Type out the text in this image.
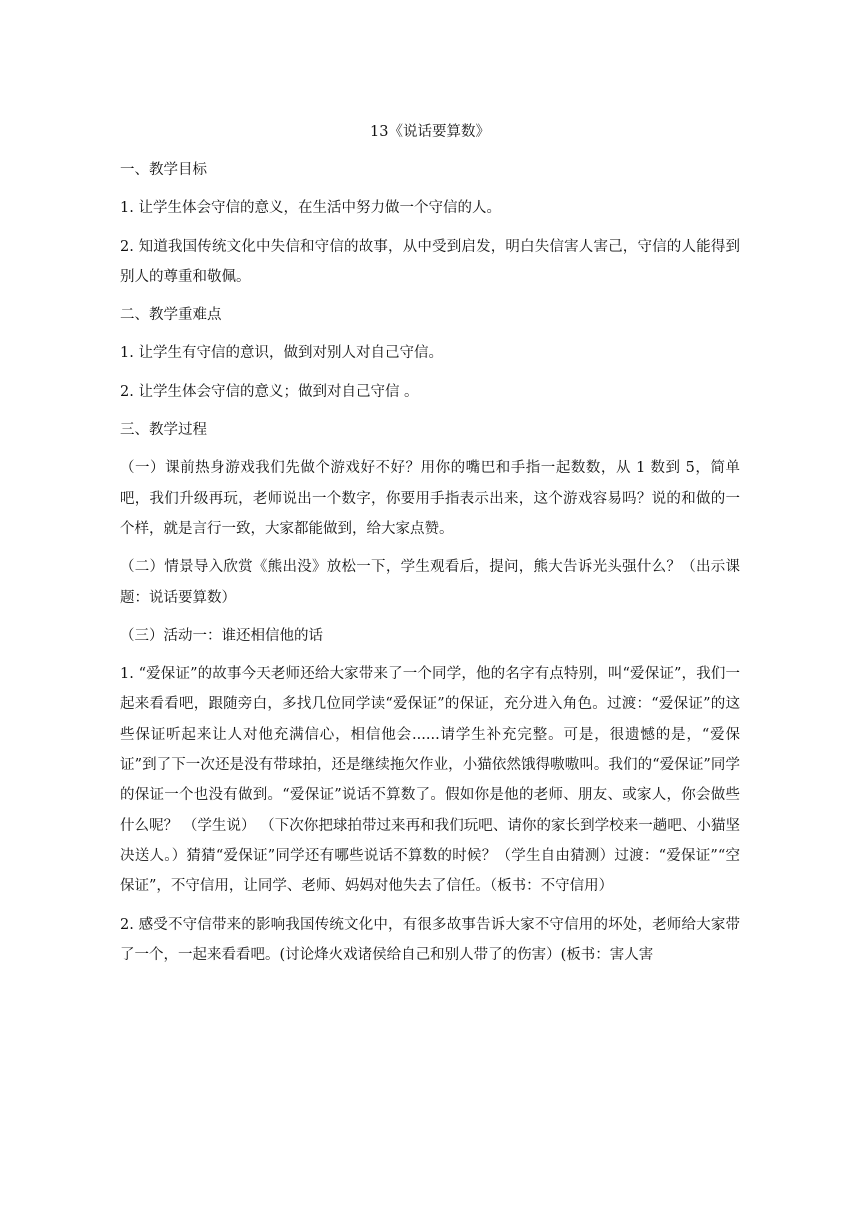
13《说话要算数》
一、教学目标
1. 让学生体会守信的意义，在生活中努力做一个守信的人。
2. 知道我国传统文化中失信和守信的故事，从中受到启发，明白失信害人害己，守信的人能得到别人的尊重和敬佩。
二、教学重难点
1. 让学生有守信的意识，做到对别人对自己守信。
2. 让学生体会守信的意义；做到对自己守信 。
三、教学过程
（一）课前热身游戏我们先做个游戏好不好？用你的嘴巴和手指一起数数，从 1 数到 5，简单吧，我们升级再玩，老师说出一个数字，你要用手指表示出来，这个游戏容易吗？说的和做的一个样，就是言行一致，大家都能做到，给大家点赞。
（二）情景导入欣赏《熊出没》放松一下，学生观看后，提问，熊大告诉光头强什么？（出示课题：说话要算数）
（三）活动一：谁还相信他的话
1. “爱保证”的故事今天老师还给大家带来了一个同学，他的名字有点特别，叫“爱保证”，我们一起来看看吧，跟随旁白，多找几位同学读“爱保证”的保证，充分进入角色。过渡：“爱保证”的这些保证听起来让人对他充满信心，相信他会......请学生补充完整。可是，很遗憾的是，“爱保证”到了下一次还是没有带球拍，还是继续拖欠作业，小猫依然饿得嗷嗷叫。我们的“爱保证”同学的保证一个也没有做到。“爱保证”说话不算数了。假如你是他的老师、朋友、或家人，你会做些什么呢？ （学生说） （下次你把球拍带过来再和我们玩吧、请你的家长到学校来一趟吧、小猫坚决送人。）猜猜“爱保证”同学还有哪些说话不算数的时候？（学生自由猜测）过渡：“爱保证”“空保证”，不守信用，让同学、老师、妈妈对他失去了信任。（板书：不守信用）
2. 感受不守信带来的影响我国传统文化中，有很多故事告诉大家不守信用的坏处，老师给大家带了一个，一起来看看吧。(讨论烽火戏诸侯给自己和别人带了的伤害）(板书：害人害
